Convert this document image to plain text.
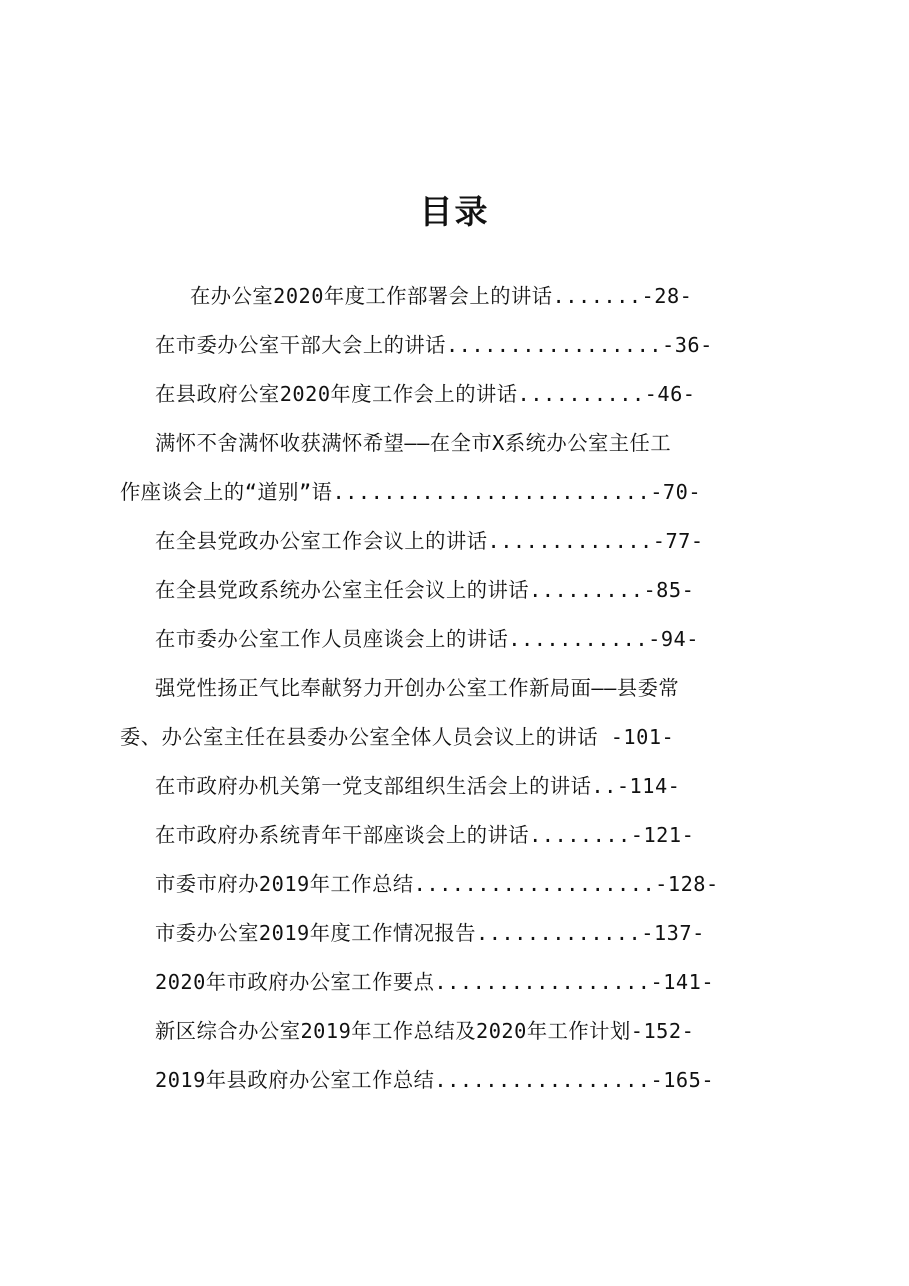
目录
在办公室2020年度工作部署会上的讲话.......-28-
在市委办公室干部大会上的讲话.................-36-
在县政府公室2020年度工作会上的讲话..........-46-
满怀不舍满怀收获满怀希望——在全市X系统办公室主任工
作座谈会上的“道别”语.........................-70-
在全县党政办公室工作会议上的讲话.............-77-
在全县党政系统办公室主任会议上的讲话.........-85-
在市委办公室工作人员座谈会上的讲话...........-94-
强党性扬正气比奉献努力开创办公室工作新局面——县委常
委、办公室主任在县委办公室全体人员会议上的讲话 -101-
在市政府办机关第一党支部组织生活会上的讲话..-114-
在市政府办系统青年干部座谈会上的讲话........-121-
市委市府办2019年工作总结...................-128-
市委办公室2019年度工作情况报告.............-137-
2020年市政府办公室工作要点.................-141-
新区综合办公室2019年工作总结及2020年工作计划-152-
2019年县政府办公室工作总结.................-165-
